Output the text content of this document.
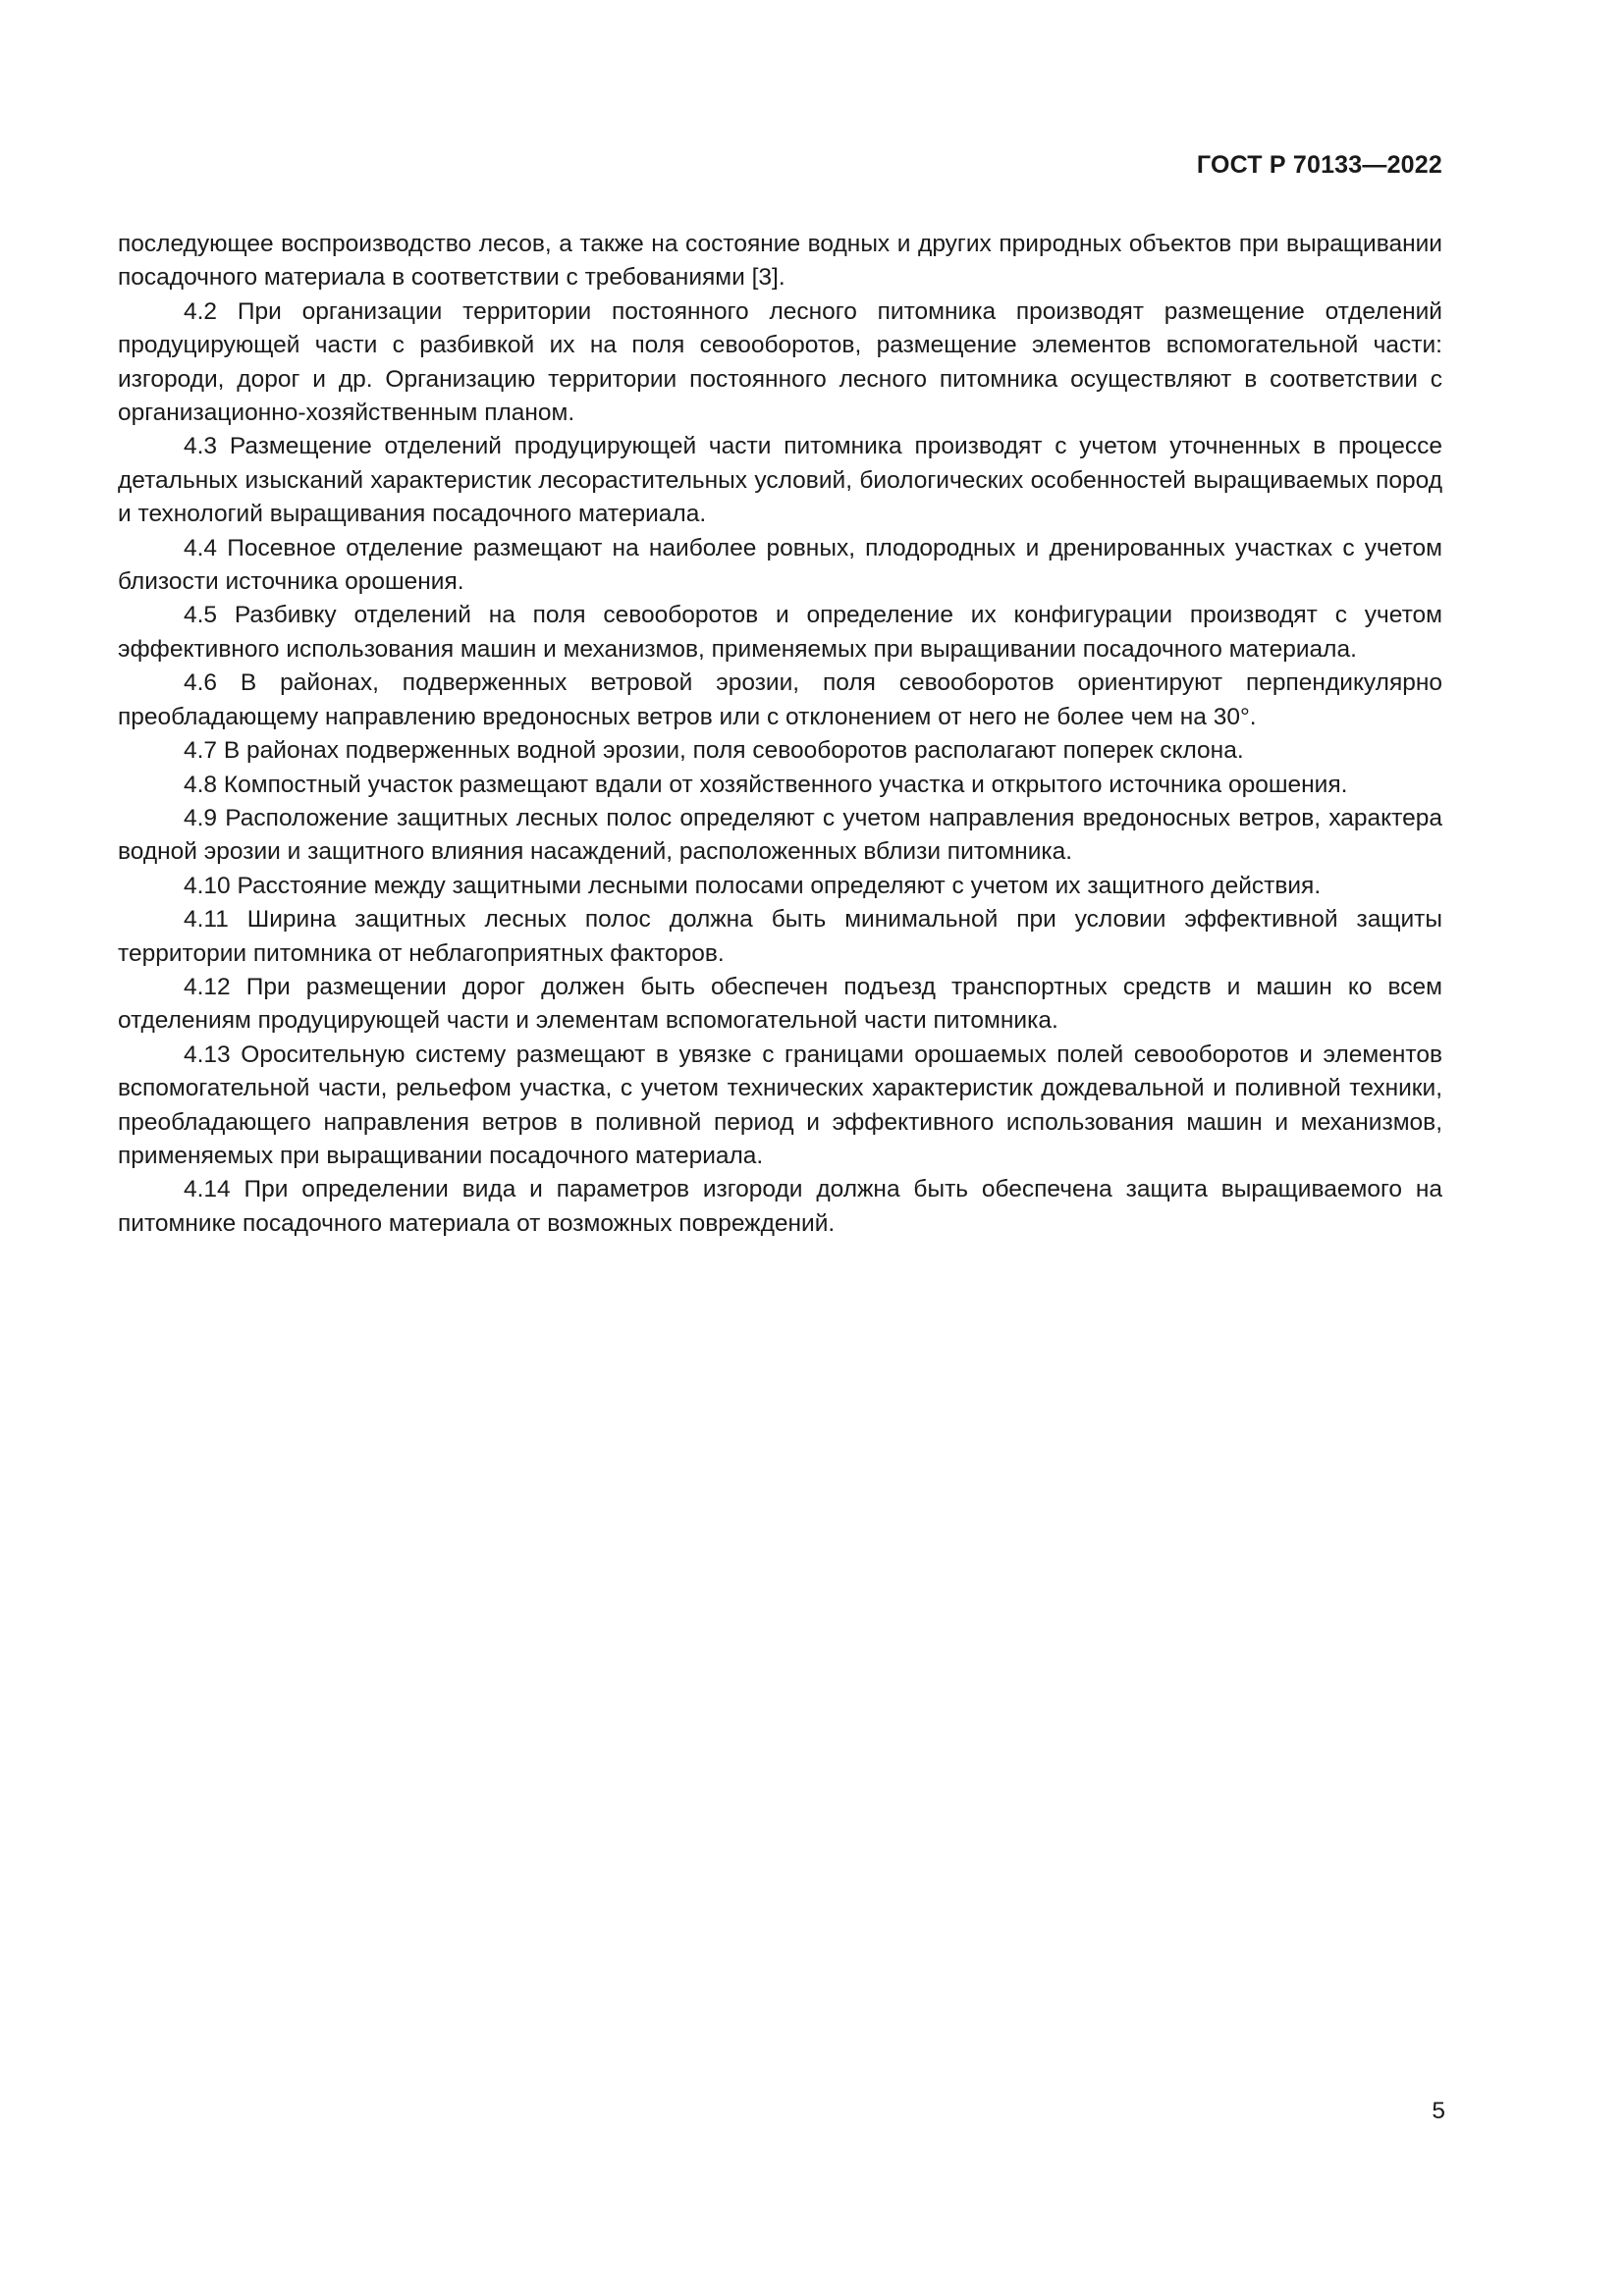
ГОСТ Р 70133—2022

последующее воспроизводство лесов, а также на состояние водных и других природных объектов при выращивании посадочного материала в соответствии с требованиями [3].

4.2 При организации территории постоянного лесного питомника производят размещение отделений продуцирующей части с разбивкой их на поля севооборотов, размещение элементов вспомогательной части: изгороди, дорог и др. Организацию территории постоянного лесного питомника осуществляют в соответствии с организационно-хозяйственным планом.

4.3 Размещение отделений продуцирующей части питомника производят с учетом уточненных в процессе детальных изысканий характеристик лесорастительных условий, биологических особенностей выращиваемых пород и технологий выращивания посадочного материала.

4.4 Посевное отделение размещают на наиболее ровных, плодородных и дренированных участках с учетом близости источника орошения.

4.5 Разбивку отделений на поля севооборотов и определение их конфигурации производят с учетом эффективного использования машин и механизмов, применяемых при выращивании посадочного материала.

4.6 В районах, подверженных ветровой эрозии, поля севооборотов ориентируют перпендикулярно преобладающему направлению вредоносных ветров или с отклонением от него не более чем на 30°.

4.7 В районах подверженных водной эрозии, поля севооборотов располагают поперек склона.

4.8 Компостный участок размещают вдали от хозяйственного участка и открытого источника орошения.

4.9 Расположение защитных лесных полос определяют с учетом направления вредоносных ветров, характера водной эрозии и защитного влияния насаждений, расположенных вблизи питомника.

4.10 Расстояние между защитными лесными полосами определяют с учетом их защитного действия.

4.11 Ширина защитных лесных полос должна быть минимальной при условии эффективной защиты территории питомника от неблагоприятных факторов.

4.12 При размещении дорог должен быть обеспечен подъезд транспортных средств и машин ко всем отделениям продуцирующей части и элементам вспомогательной части питомника.

4.13 Оросительную систему размещают в увязке с границами орошаемых полей севооборотов и элементов вспомогательной части, рельефом участка, с учетом технических характеристик дождевальной и поливной техники, преобладающего направления ветров в поливной период и эффективного использования машин и механизмов, применяемых при выращивании посадочного материала.

4.14 При определении вида и параметров изгороди должна быть обеспечена защита выращиваемого на питомнике посадочного материала от возможных повреждений.

5
